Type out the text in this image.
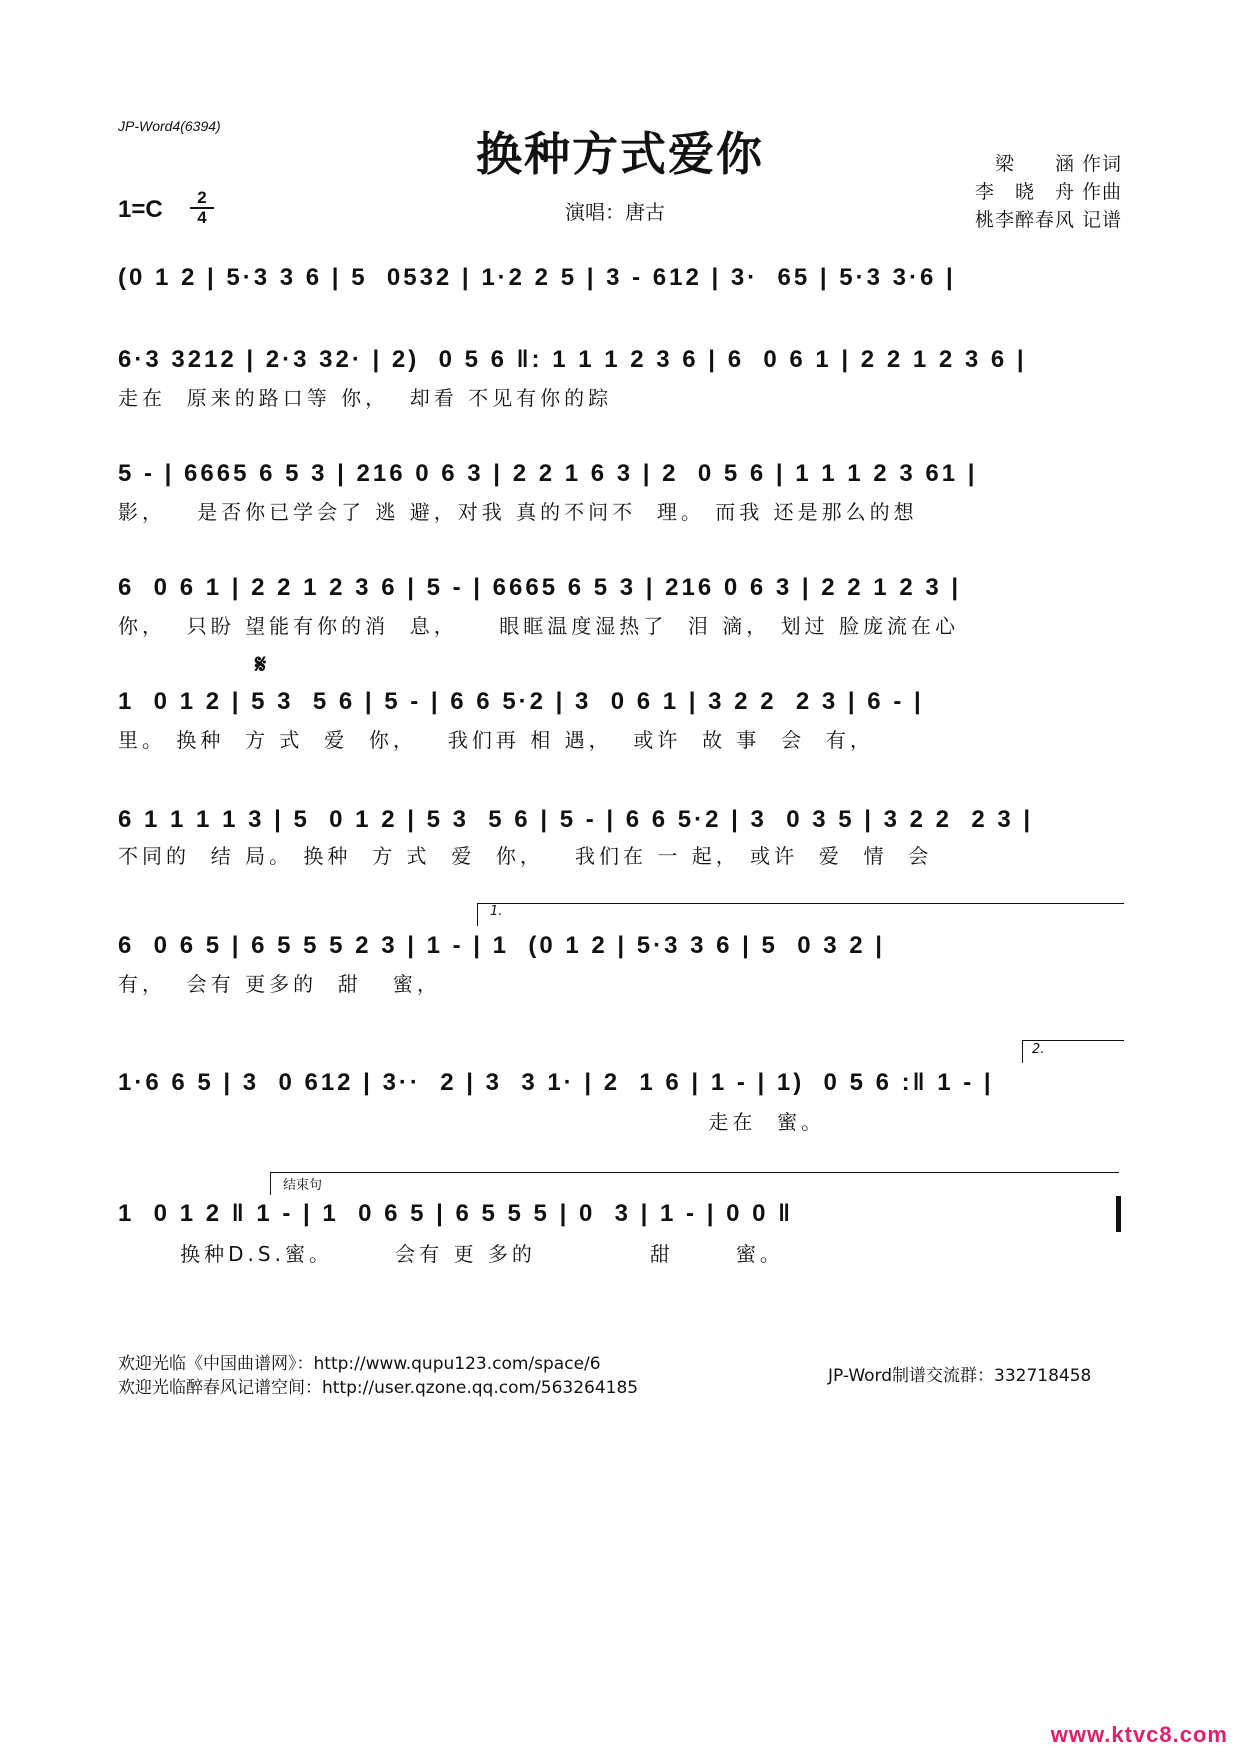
JP-Word4(6394)
换种方式爱你
1=C	2
4	演唱：唐古
梁　　涵 作词
李　晓　舟 作曲
桃李醉春风 记谱
(0 1 2 | 5·3 3 6 | 5  0532 | 1·2 2 5 | 3 - 612 | 3·  65 | 5·3 3·6 |
6·3 3212 | 2·3 32· | 2)  0 5 6 ‖: 1 1 1 2 3 6 | 6  0 6 1 | 2 2 1 2 3 6 |
走在  原来的路口等 你，  却看 不见有你的踪
5 - | 6665 6 5 3 | 216 0 6 3 | 2 2 1 6 3 | 2  0 5 6 | 1 1 1 2 3 61 |
影，   是否你已学会了 逃 避，对我 真的不问不  理。 而我 还是那么的想
6  0 6 1 | 2 2 1 2 3 6 | 5 - | 6665 6 5 3 | 216 0 6 3 | 2 2 1 2 3 |
你，  只盼 望能有你的消  息，    眼眶温度湿热了  泪 滴， 划过 脸庞流在心
𝄋
1  0 1 2 | 5 3  5 6 | 5 - | 6 6 5·2 | 3  0 6 1 | 3 2 2  2 3 | 6 - |
里。 换种  方 式  爱  你，   我们再 相 遇，  或许  故 事  会  有，
6 1 1 1 1 3 | 5  0 1 2 | 5 3  5 6 | 5 - | 6 6 5·2 | 3  0 3 5 | 3 2 2  2 3 |
不同的  结 局。 换种  方 式  爱  你，   我们在 一 起， 或许  爱  情  会
1.
6  0 6 5 | 6 5 5 5 2 3 | 1 - | 1  (0 1 2 | 5·3 3 6 | 5  0 3 2 |
有，  会有 更多的  甜   蜜，
2.
1·6 6 5 | 3  0 612 | 3··  2 | 3  3 1· | 2  1 6 | 1 - | 1)  0 5 6 :‖ 1 - |
走在  蜜。
结束句
1  0 1 2 ‖ 1 - | 1  0 6 5 | 6 5 5 5 | 0  3 | 1 - | 0 0 ‖
换种D.S.蜜。      会有 更 多的           甜      蜜。
欢迎光临《中国曲谱网》：http://www.qupu123.com/space/6
欢迎光临醉春风记谱空间：http://user.qzone.qq.com/563264185
JP-Word制谱交流群：332718458
www.ktvc8.com
